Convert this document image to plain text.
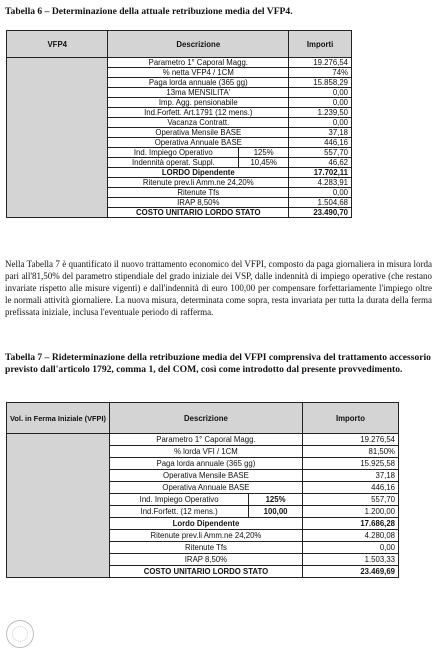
Tabella 6 – Determinazione della attuale retribuzione media del VFP4.
VFP4	Descrizione		Importi
	Parametro 1° Caporal Magg.		19.276,54
	% netta VFP4 / 1CM		74%
	Paga lorda annuale (365 gg)		15.858,29
	13ma MENSILITA'		0,00
	Imp. Agg. pensionabile		0,00
	Ind.Forfett. Art.1791 (12 mens.)		1.239,50
	Vacanza Contratt.		0,00
	Operativa Mensile BASE		37,18
	Operativa Annuale BASE		446,16
	Ind. Impiego Operativo	125%	557,70
	Indennità operat. Suppl.	10,45%	46,62
	LORDO Dipendente		17.702,11
	Ritenute prev.li Amm.ne 24,20%		4.283,91
	Ritenute Tfs		0,00
	IRAP 8,50%		1.504,68
	COSTO UNITARIO LORDO STATO		23.490,70
Nella Tabella 7 è quantificato il nuovo trattamento economico del VFPI, composto da paga giornaliera in misura lorda pari all'81,50% del parametro stipendiale del grado iniziale dei VSP, dalle indennità di impiego operative (che restano invariate rispetto alle misure vigenti) e dall'indennità di euro 100,00 per compensare forfettariamente l'impiego oltre le normali attività giornaliere. La nuova misura, determinata come sopra, resta invariata per tutta la durata della ferma prefissata iniziale, inclusa l'eventuale periodo di rafferma.
Tabella 7 – Rideterminazione della retribuzione media del VFPI comprensiva del trattamento accessorio previsto dall'articolo 1792, comma 1, del COM, così come introdotto dal presente provvedimento.
Vol. in Ferma Iniziale (VFPI)	Descrizione		Importo
	Parametro 1° Caporal Magg.		19.276,54
	% lorda VFI / 1CM		81,50%
	Paga lorda annuale (365 gg)		15.925,58
	Operativa Mensile BASE		37,18
	Operativa Annuale BASE		446,16
	Ind. Impiego Operativo	125%	557,70
	Ind.Forfett. (12 mens.)	100,00	1.200,00
	Lordo Dipendente		17.686,28
	Ritenute prev.li Amm.ne 24,20%		4.280,08
	Ritenute Tfs		0,00
	IRAP 8,50%		1.503,33
	COSTO UNITARIO LORDO STATO		23.469,69
